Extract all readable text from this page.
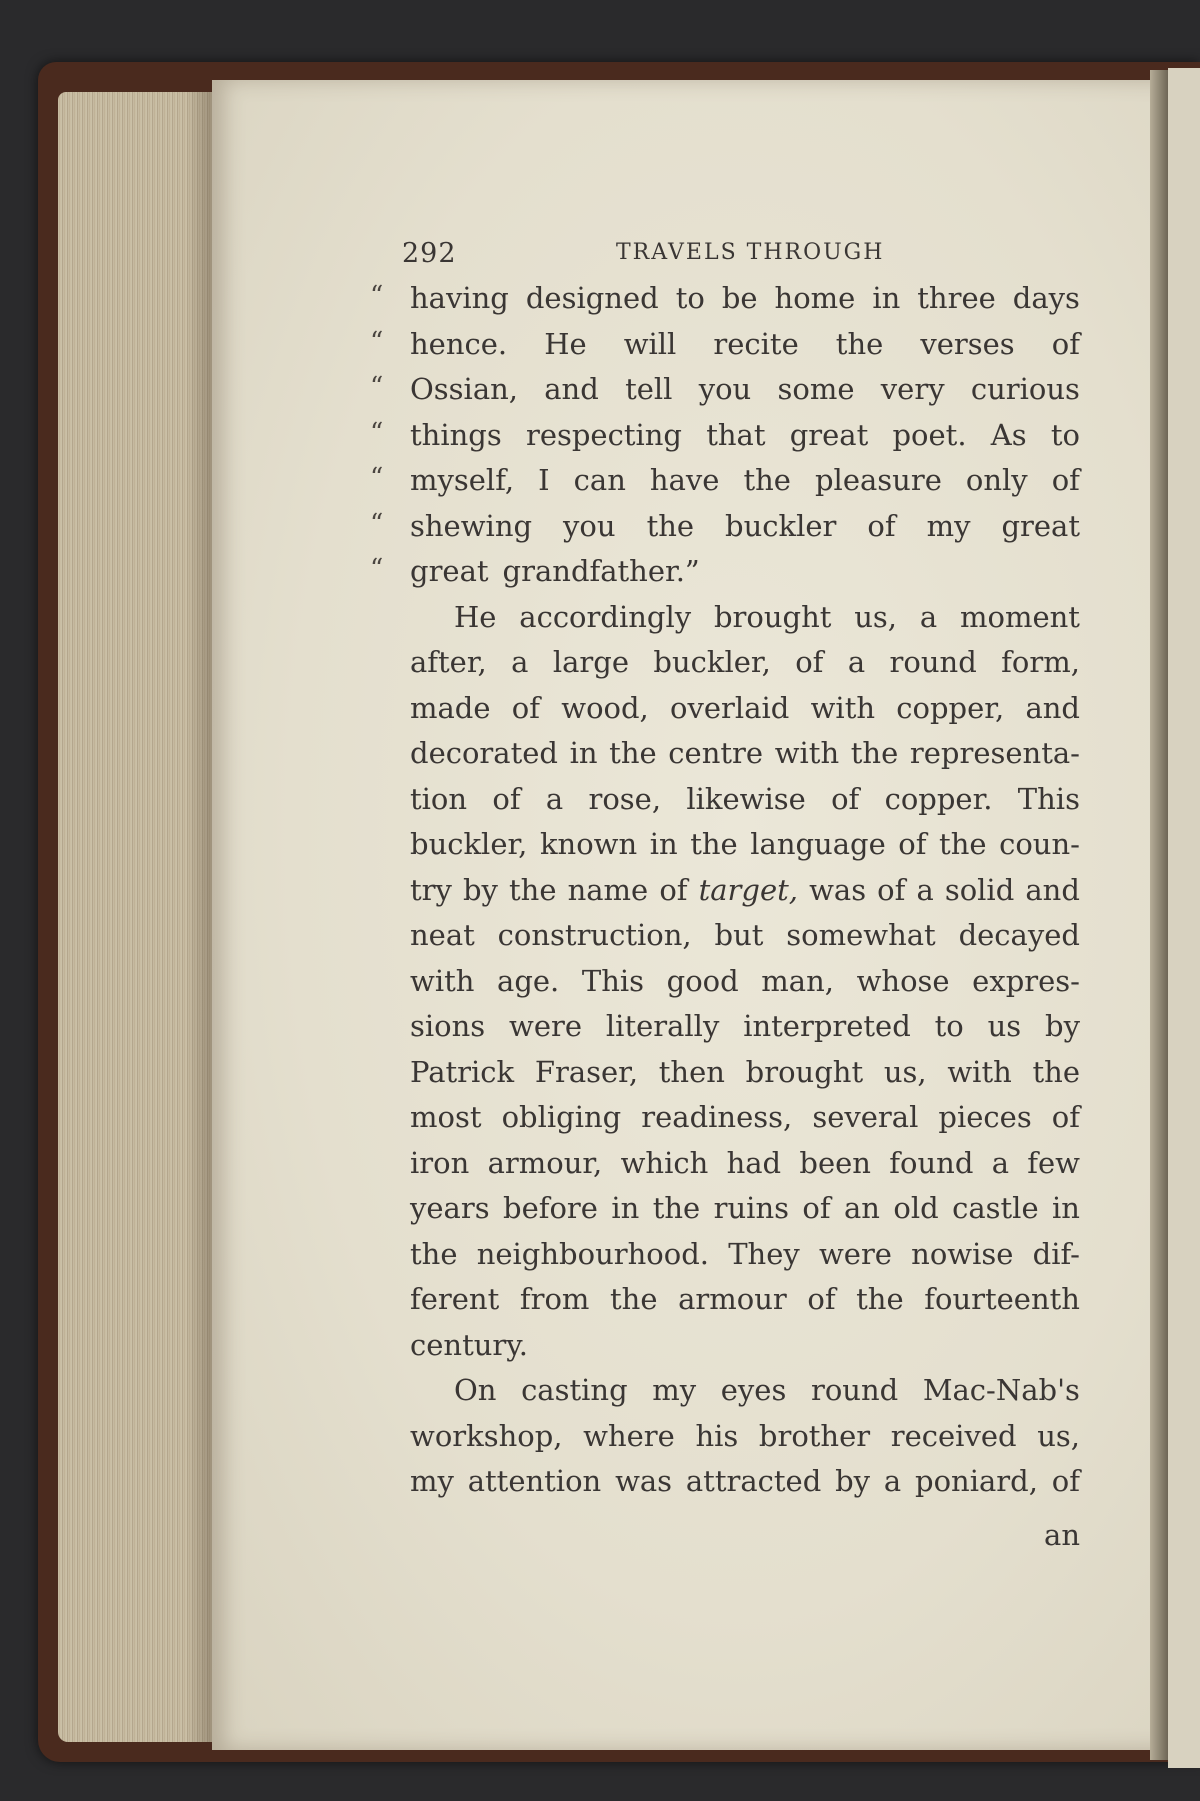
292	TRAVELS THROUGH
“ having designed to be home in three days
“ hence. He will recite the verses of
“ Ossian, and tell you some very curious
“ things respecting that great poet. As to
“ myself, I can have the pleasure only of
“ shewing you the buckler of my great
“ great grandfather.”
He accordingly brought us, a moment
after, a large buckler, of a round form,
made of wood, overlaid with copper, and
decorated in the centre with the representa-
tion of a rose, likewise of copper. This
buckler, known in the language of the coun-
try by the name of target, was of a solid and
neat construction, but somewhat decayed
with age. This good man, whose expres-
sions were literally interpreted to us by
Patrick Fraser, then brought us, with the
most obliging readiness, several pieces of
iron armour, which had been found a few
years before in the ruins of an old castle in
the neighbourhood. They were nowise dif-
ferent from the armour of the fourteenth
century.
On casting my eyes round Mac-Nab's
workshop, where his brother received us,
my attention was attracted by a poniard, of
an
